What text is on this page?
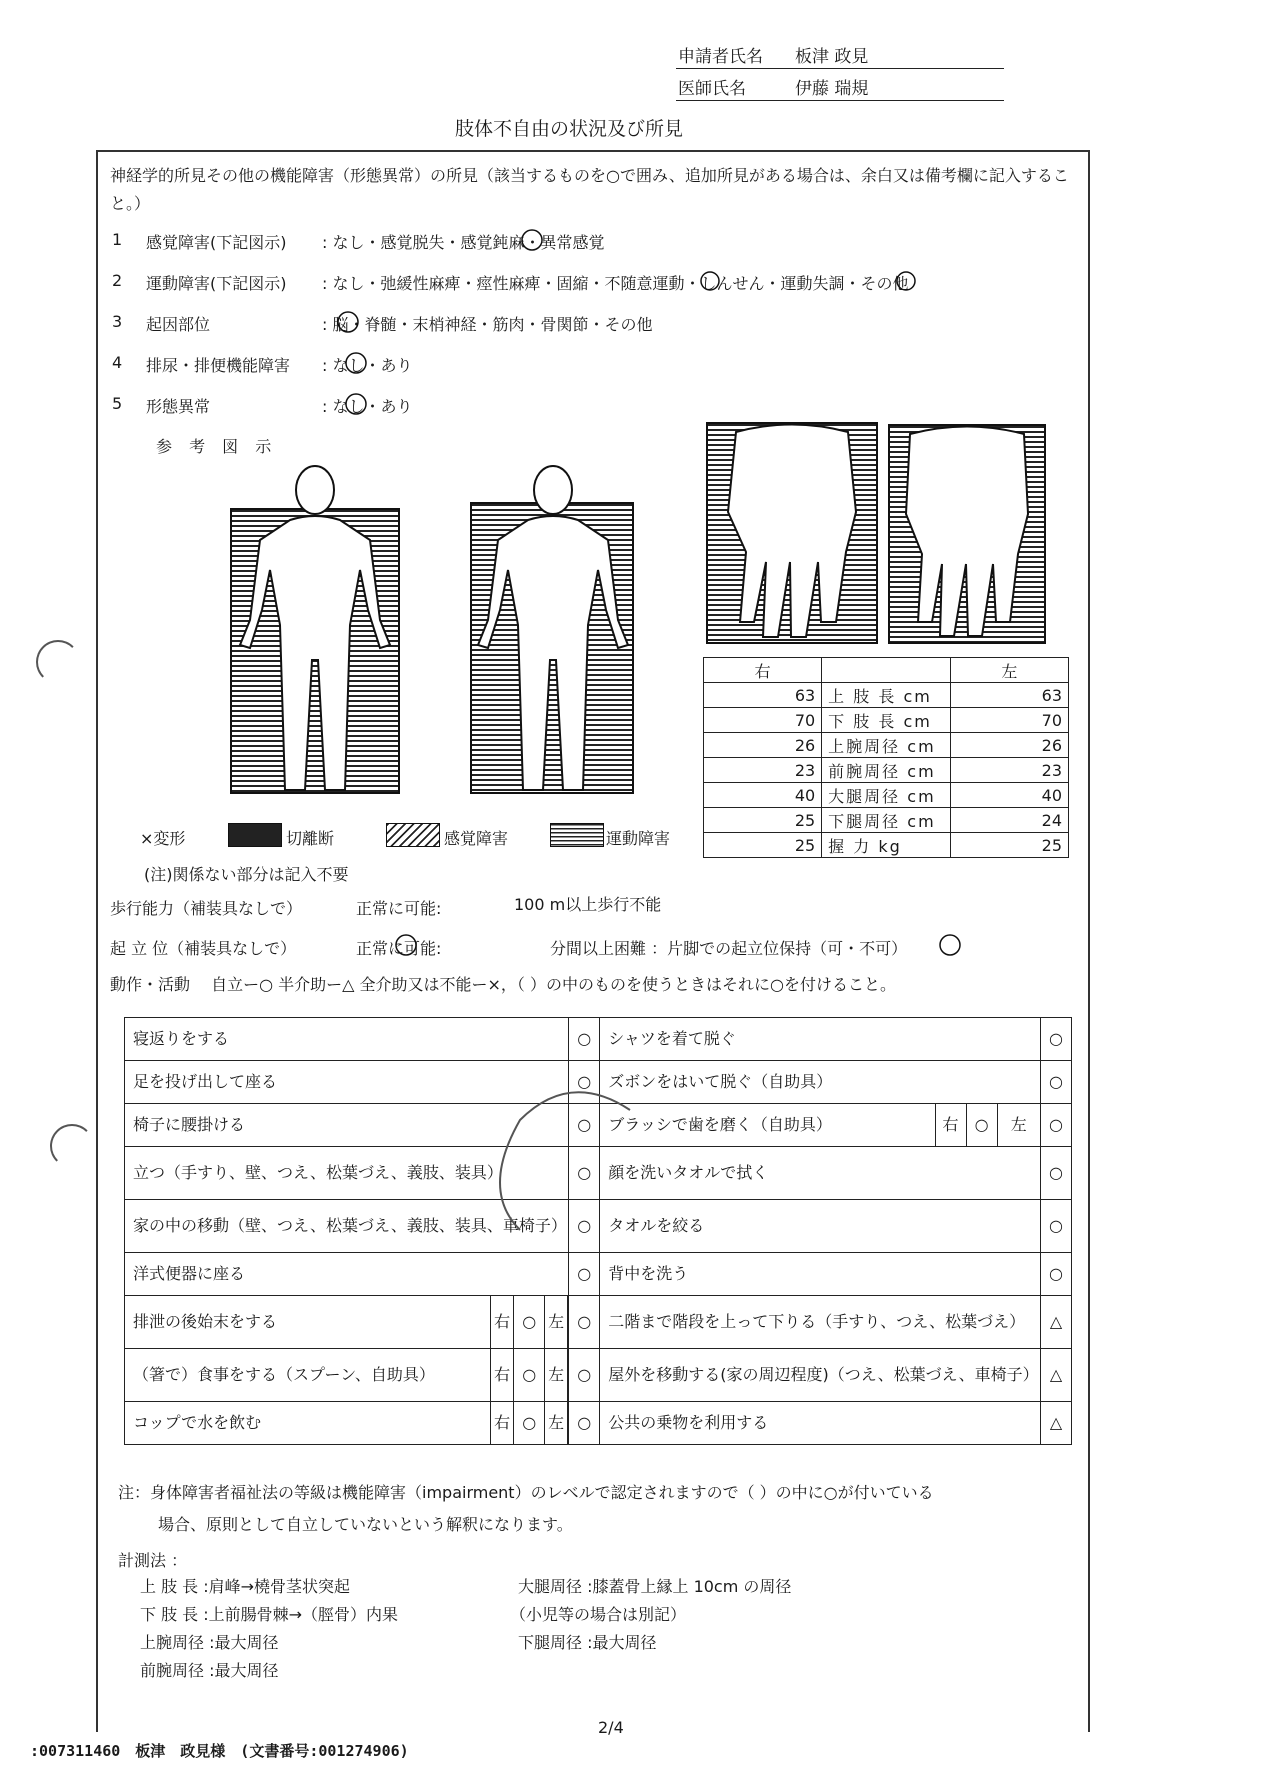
申請者氏名 板津 政見
医師氏名	伊藤 瑞規
肢体不自由の状況及び所見
神経学的所見その他の機能障害（形態異常）の所見（該当するものを○で囲み、追加所見がある場合は、余白又は備考欄に記入すること。）
1 感覚障害(下記図示) : なし・感覚脱失・感覚鈍麻・異常感覚
2 運動障害(下記図示) : なし・弛緩性麻痺・痙性麻痺・固縮・不随意運動・しんせん・運動失調・その他
3 起因部位	: 脳・脊髄・末梢神経・筋肉・骨関節・その他
4 排尿・排便機能障害 : なし・あり
5 形態異常	: なし・あり
参 考 図 示
右		左
63	上 肢 長 cm	63
70	下 肢 長 cm	70
26	上腕周径 cm	26
23	前腕周径 cm	23
40	大腿周径 cm	40
25	下腿周径 cm	24
25	握 力 kg	25
×変形	切離断	感覚障害	運動障害
(注)関係ない部分は記入不要
歩行能力（補装具なしで）	正常に可能:	100 m以上歩行不能
起 立 位（補装具なしで）	正常に可能:	分間以上困難 ：片脚での起立位保持（可・不可）
動作・活動　 自立ー○ 半介助ー△ 全介助又は不能ー×，（ ）の中のものを使うときはそれに○を付けること。
寝返りをする				○	シャツを着て脱ぐ				○
足を投げ出して座る				○	ズボンをはいて脱ぐ（自助具）				○
椅子に腰掛ける				○	ブラッシで歯を磨く（自助具）	右	○	左	○
立つ（手すり、壁、つえ、松葉づえ、義肢、装具）				○	顔を洗いタオルで拭く				○
家の中の移動（壁、つえ、松葉づえ、義肢、装具、車椅子）				○	タオルを絞る				○
洋式便器に座る				○	背中を洗う				○
排泄の後始末をする	右	○	左		○	二階まで階段を上って下りる（手すり、つえ、松葉づえ）				△
（箸で）食事をする（スプーン、自助具）	右	○	左		○	屋外を移動する(家の周辺程度)（つえ、松葉づえ、車椅子）				△
コップで水を飲む	右	○	左		○	公共の乗物を利用する				△
注：身体障害者福祉法の等級は機能障害（impairment）のレベルで認定されますので（ ）の中に○が付いている
場合、原則として自立していないという解釈になります。
計測法 ：
上 肢 長 :肩峰→橈骨茎状突起
下 肢 長 :上前腸骨棘→（脛骨）内果
上腕周径 :最大周径
前腕周径 :最大周径
大腿周径 :膝蓋骨上縁上 10cm の周径
（小児等の場合は別記）
下腿周径 :最大周径
2/4
:007311460　板津　政見様　(文書番号:001274906)
